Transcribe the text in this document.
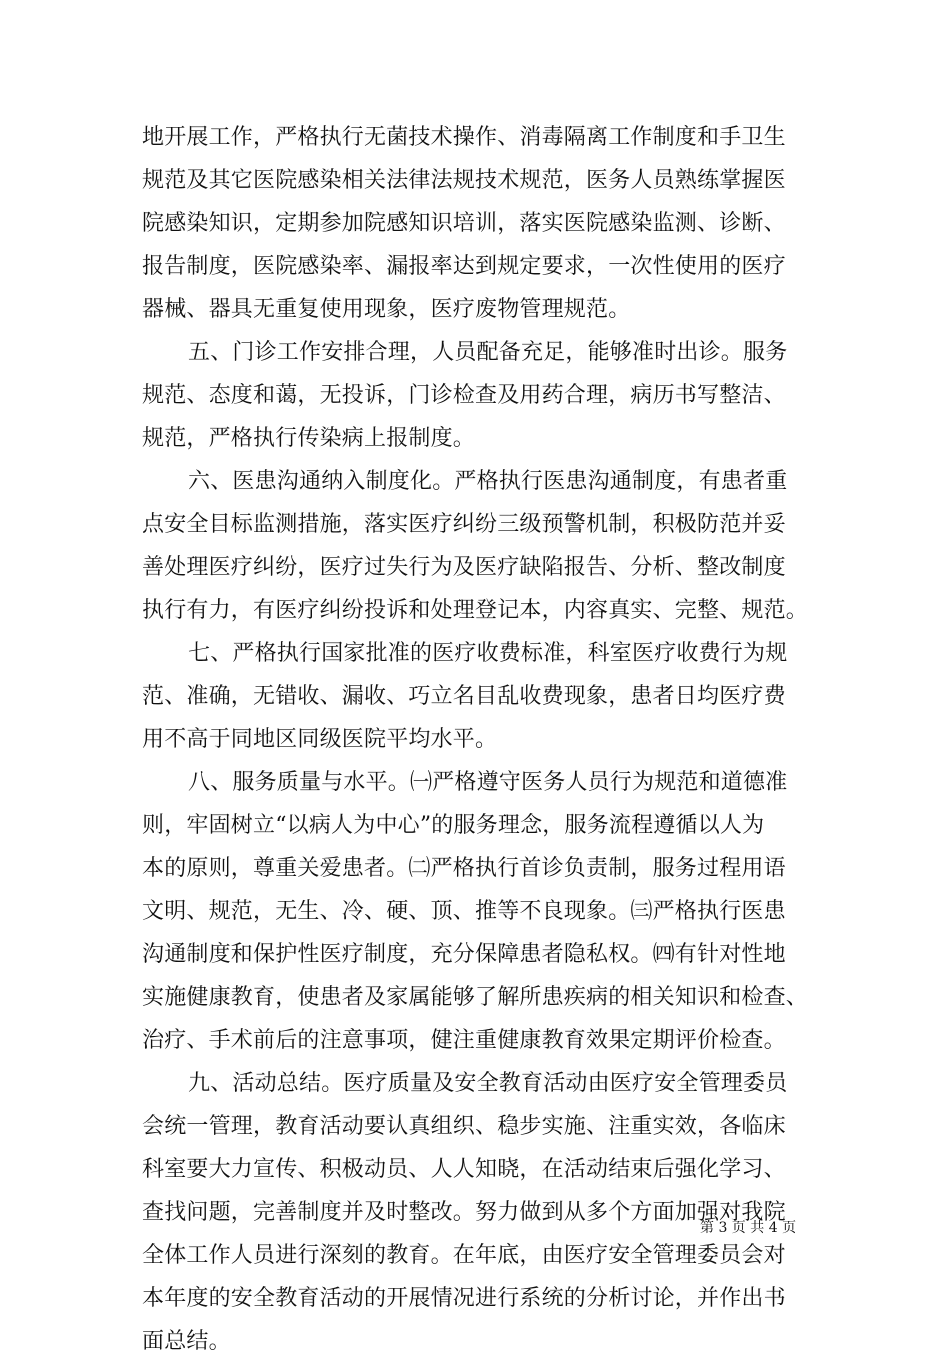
地开展工作，严格执行无菌技术操作、消毒隔离工作制度和手卫生
规范及其它医院感染相关法律法规技术规范，医务人员熟练掌握医
院感染知识，定期参加院感知识培训，落实医院感染监测、诊断、
报告制度，医院感染率、漏报率达到规定要求，一次性使用的医疗
器械、器具无重复使用现象，医疗废物管理规范。
五、门诊工作安排合理，人员配备充足，能够准时出诊。服务
规范、态度和蔼，无投诉，门诊检查及用药合理，病历书写整洁、
规范，严格执行传染病上报制度。
六、医患沟通纳入制度化。严格执行医患沟通制度，有患者重
点安全目标监测措施，落实医疗纠纷三级预警机制，积极防范并妥
善处理医疗纠纷，医疗过失行为及医疗缺陷报告、分析、整改制度
执行有力，有医疗纠纷投诉和处理登记本，内容真实、完整、规范。
七、严格执行国家批准的医疗收费标准，科室医疗收费行为规
范、准确，无错收、漏收、巧立名目乱收费现象，患者日均医疗费
用不高于同地区同级医院平均水平。
八、服务质量与水平。㈠严格遵守医务人员行为规范和道德准
则，牢固树立“以病人为中心”的服务理念，服务流程遵循以人为
本的原则，尊重关爱患者。㈡严格执行首诊负责制，服务过程用语
文明、规范，无生、冷、硬、顶、推等不良现象。㈢严格执行医患
沟通制度和保护性医疗制度，充分保障患者隐私权。㈣有针对性地
实施健康教育，使患者及家属能够了解所患疾病的相关知识和检查、
治疗、手术前后的注意事项，健注重健康教育效果定期评价检查。
九、活动总结。医疗质量及安全教育活动由医疗安全管理委员
会统一管理，教育活动要认真组织、稳步实施、注重实效，各临床
科室要大力宣传、积极动员、人人知晓，在活动结束后强化学习、
查找问题，完善制度并及时整改。努力做到从多个方面加强对我院
全体工作人员进行深刻的教育。在年底，由医疗安全管理委员会对
本年度的安全教育活动的开展情况进行系统的分析讨论，并作出书
面总结。
第 3 页 共 4 页
